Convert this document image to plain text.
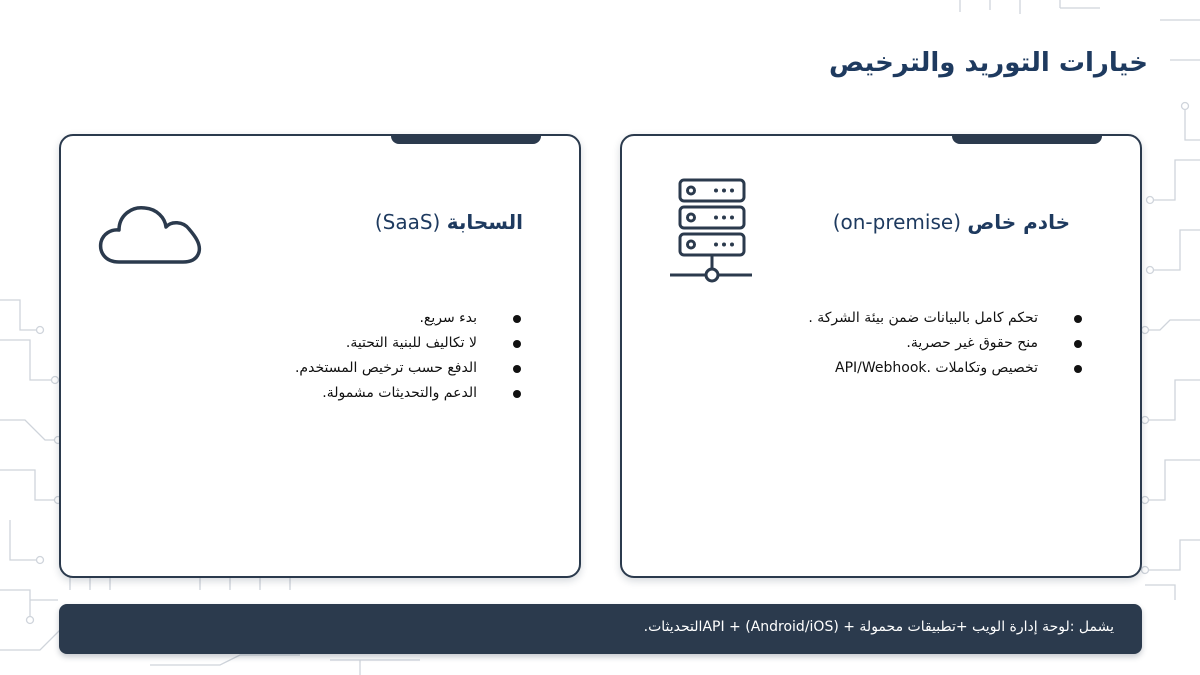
خيارات التوريد والترخيص
السحابة (SaaS)
بدء سريع.
لا تكاليف للبنية التحتية.
الدفع حسب ترخيص المستخدم.
الدعم والتحديثات مشمولة.
خادم خاص (on-premise)
تحكم كامل بالبيانات ضمن بيئة الشركة .
منح حقوق غير حصرية.
تخصيص وتكاملات .API/Webhook
يشمل :لوحة إدارة الويب +تطبيقات محمولة + API + (Android/iOS)التحديثات.
